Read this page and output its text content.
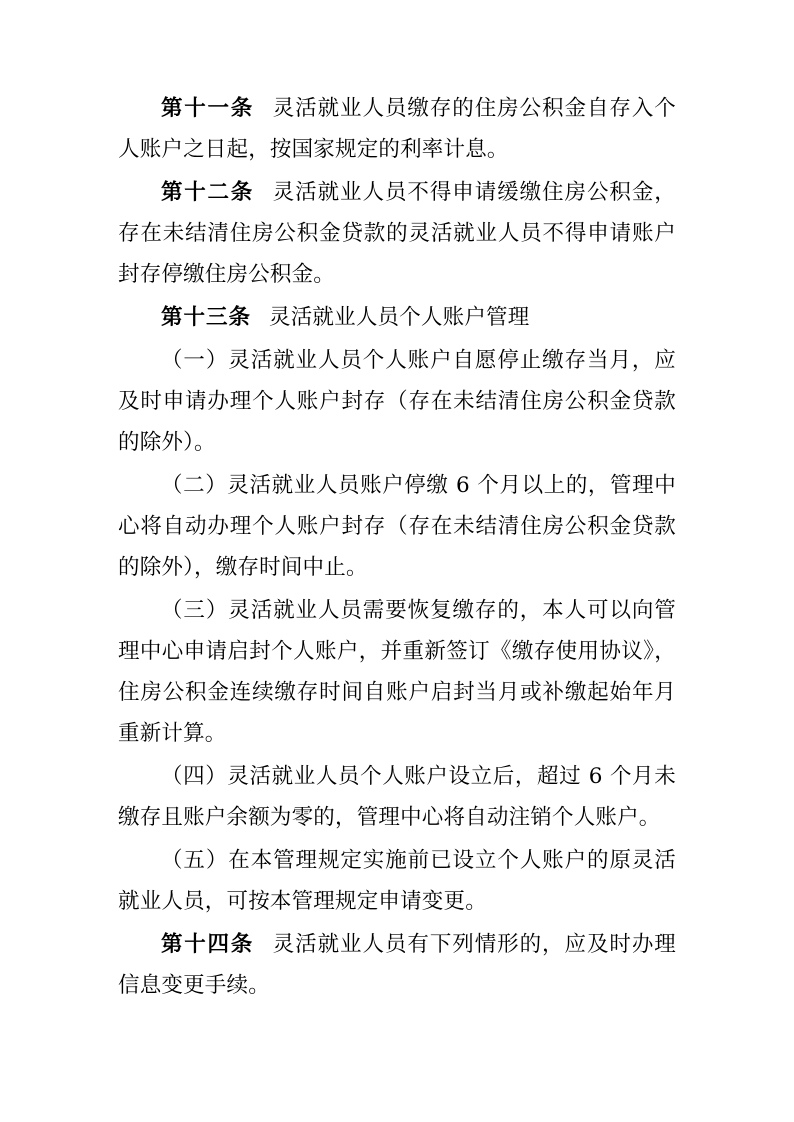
第十一条 灵活就业人员缴存的住房公积金自存入个人账户之日起，按国家规定的利率计息。

第十二条 灵活就业人员不得申请缓缴住房公积金，存在未结清住房公积金贷款的灵活就业人员不得申请账户封存停缴住房公积金。

第十三条 灵活就业人员个人账户管理

（一）灵活就业人员个人账户自愿停止缴存当月，应及时申请办理个人账户封存（存在未结清住房公积金贷款的除外）。

（二）灵活就业人员账户停缴 6 个月以上的，管理中心将自动办理个人账户封存（存在未结清住房公积金贷款的除外），缴存时间中止。

（三）灵活就业人员需要恢复缴存的，本人可以向管理中心申请启封个人账户，并重新签订《缴存使用协议》，住房公积金连续缴存时间自账户启封当月或补缴起始年月重新计算。

（四）灵活就业人员个人账户设立后，超过 6 个月未缴存且账户余额为零的，管理中心将自动注销个人账户。

（五）在本管理规定实施前已设立个人账户的原灵活就业人员，可按本管理规定申请变更。

第十四条 灵活就业人员有下列情形的，应及时办理信息变更手续。
